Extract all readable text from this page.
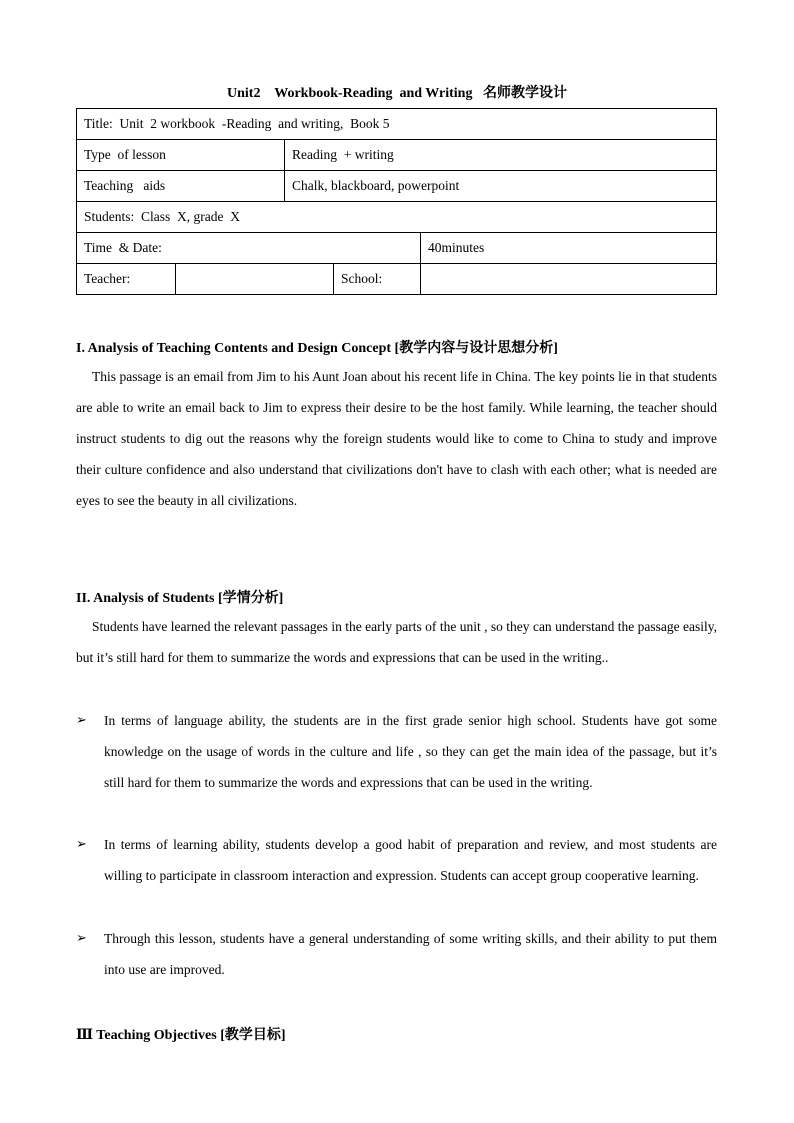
Unit2    Workbook-Reading  and Writing   名师教学设计
Title:  Unit  2 workbook  -Reading  and writing,  Book 5				
Type  of lesson		Reading  + writing		
Teaching   aids		Chalk, blackboard, powerpoint		
Students:  Class  X, grade  X				
Time  & Date:				40minutes
Teacher:			School:	
I. Analysis of Teaching Contents and Design Concept [教学内容与设计思想分析]

This passage is an email from Jim to his Aunt Joan about his recent life in China. The key points lie in that students are able to write an email back to Jim to express their desire to be the host family. While learning, the teacher should instruct students to dig out the reasons why the foreign students would like to come to China to study and improve their culture confidence and also understand that civilizations don't have to clash with each other; what is needed are eyes to see the beauty in all civilizations.

II. Analysis of Students [学情分析]

Students have learned the relevant passages in the early parts of the unit , so they can understand the passage easily, but it’s still hard for them to summarize the words and expressions that can be used in the writing..

➢	In terms of language ability, the students are in the first grade senior high school. Students have got some knowledge on the usage of words in the culture and life , so they can get the main idea of the passage, but it’s still hard for them to summarize the words and expressions that can be used in the writing.
➢	In terms of learning ability, students develop a good habit of preparation and review, and most students are willing to participate in classroom interaction and expression. Students can accept group cooperative learning.
➢	Through this lesson, students have a general understanding of some writing skills, and their ability to put them into use are improved.
Ⅲ Teaching Objectives [教学目标]
